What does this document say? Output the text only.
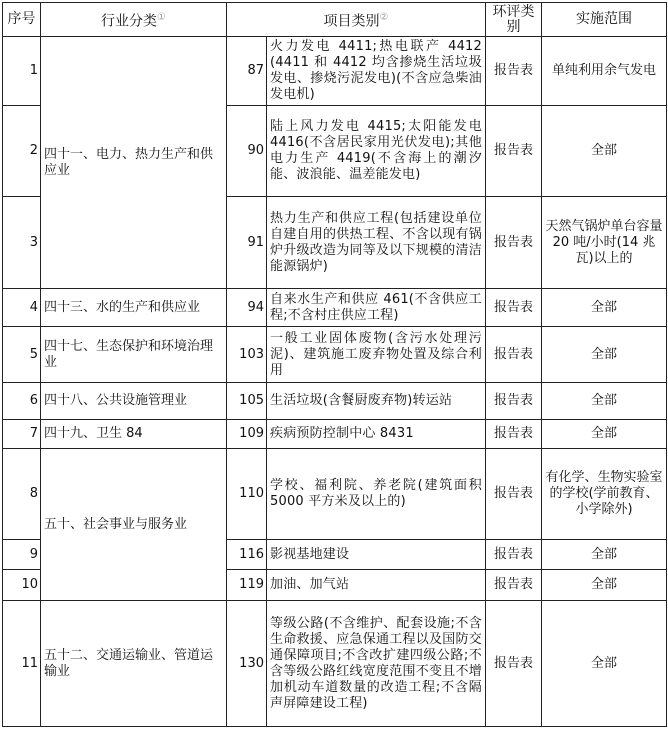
序号	行业分类①	项目类别②		环评类别	实施范围
1	四十一、电力、热力生产和供应业	87	火力发电 4411;热电联产 4412 (4411 和 4412 均含掺烧生活垃圾发电、掺烧污泥发电)(不含应急柴油发电机)	报告表	单纯利用余气发电
2		90	陆上风力发电 4415;太阳能发电 4416(不含居民家用光伏发电);其他电力生产 4419(不含海上的潮汐能、波浪能、温差能发电)	报告表	全部
3		91	热力生产和供应工程(包括建设单位自建自用的供热工程、不含以现有锅炉升级改造为同等及以下规模的清洁能源锅炉)	报告表	天然气锅炉单台容量 20 吨/小时(14 兆瓦)以上的
4	四十三、水的生产和供应业	94	自来水生产和供应 461(不含供应工程;不含村庄供应工程)	报告表	全部
5	四十七、生态保护和环境治理业	103	一般工业固体废物(含污水处理污泥)、建筑施工废弃物处置及综合利用	报告表	全部
6	四十八、公共设施管理业	105	生活垃圾(含餐厨废弃物)转运站	报告表	全部
7	四十九、卫生 84	109	疾病预防控制中心 8431	报告表	全部
8	五十、社会事业与服务业	110	学校、福利院、养老院(建筑面积 5000 平方米及以上的)	报告表	有化学、生物实验室的学校(学前教育、小学除外)
9		116	影视基地建设	报告表	全部
10		119	加油、加气站	报告表	全部
11	五十二、交通运输业、管道运输业	130	等级公路(不含维护、配套设施;不含生命救援、应急保通工程以及国防交通保障项目;不含改扩建四级公路;不含等级公路红线宽度范围不变且不增加机动车道数量的改造工程;不含隔声屏障建设工程)	报告表	全部
